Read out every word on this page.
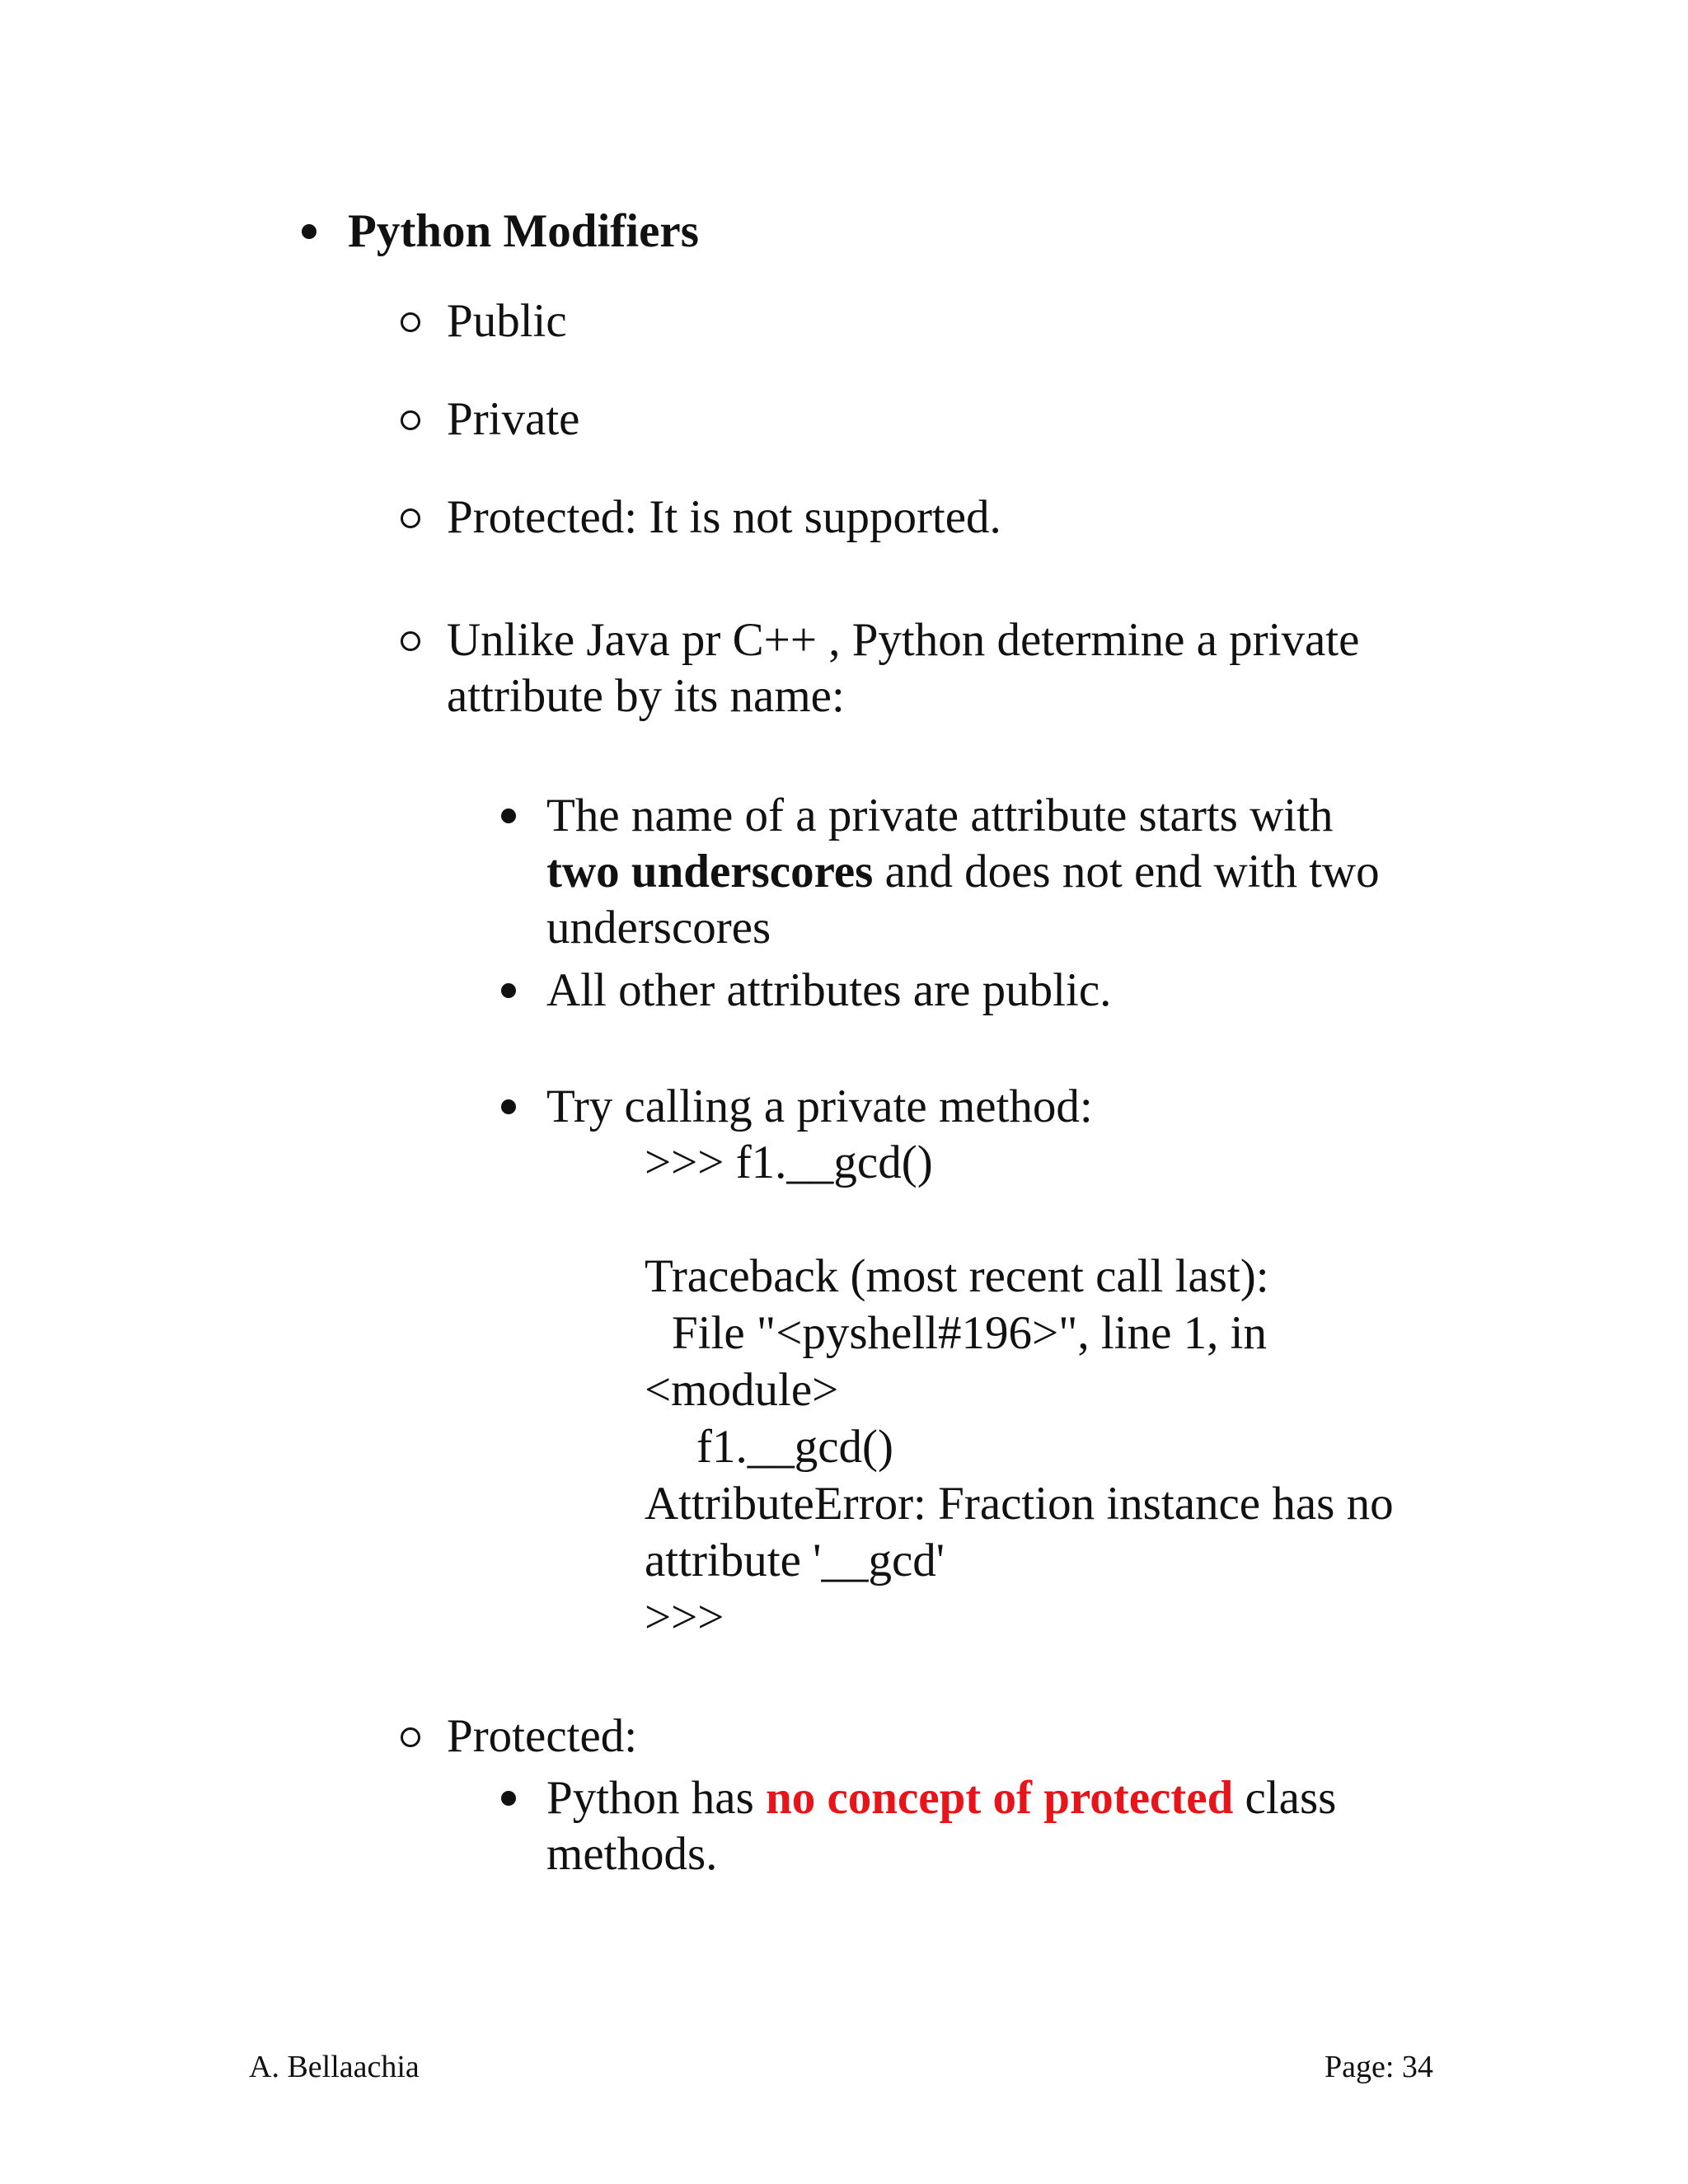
Python Modifiers
Public
Private
Protected: It is not supported.
Unlike Java pr C++ , Python determine a private
attribute by its name:
The name of a private attribute starts with
two underscores and does not end with two
underscores
All other attributes are public.
Try calling a private method:
>>> f1.__gcd()
Traceback (most recent call last):
File "<pyshell#196>", line 1, in
<module>
f1.__gcd()
AttributeError: Fraction instance has no
attribute '__gcd'
>>>
Protected:
Python has no concept of protected class
methods.
A. Bellaachia	Page: 34
